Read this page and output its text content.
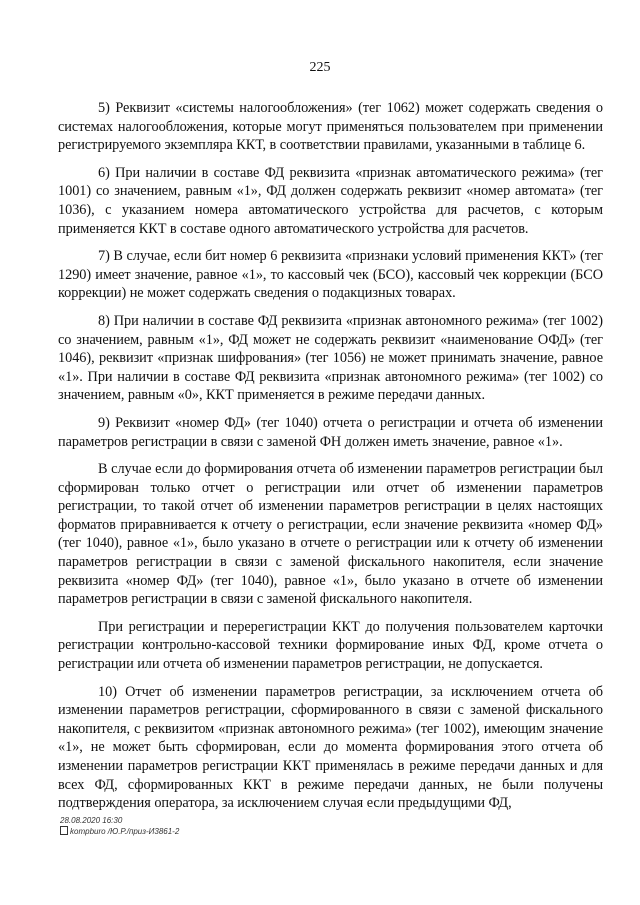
225

5) Реквизит «системы налогообложения» (тег 1062) может содержать сведения о системах налогообложения, которые могут применяться пользователем при применении регистрируемого экземпляра ККТ, в соответствии правилами, указанными в таблице 6.

6) При наличии в составе ФД реквизита «признак автоматического режима» (тег 1001) со значением, равным «1», ФД должен содержать реквизит «номер автомата» (тег 1036), с указанием номера автоматического устройства для расчетов, с которым применяется ККТ в составе одного автоматического устройства для расчетов.

7) В случае, если бит номер 6 реквизита «признаки условий применения ККТ» (тег 1290) имеет значение, равное «1», то кассовый чек (БСО), кассовый чек коррекции (БСО коррекции) не может содержать сведения о подакцизных товарах.

8) При наличии в составе ФД реквизита «признак автономного режима» (тег 1002) со значением, равным «1», ФД может не содержать реквизит «наименование ОФД» (тег 1046), реквизит «признак шифрования» (тег 1056) не может принимать значение, равное «1». При наличии в составе ФД реквизита «признак автономного режима» (тег 1002) со значением, равным «0», ККТ применяется в режиме передачи данных.

9) Реквизит «номер ФД» (тег 1040) отчета о регистрации и отчета об изменении параметров регистрации в связи с заменой ФН должен иметь значение, равное «1».

В случае если до формирования отчета об изменении параметров регистрации был сформирован только отчет о регистрации или отчет об изменении параметров регистрации, то такой отчет об изменении параметров регистрации в целях настоящих форматов приравнивается к отчету о регистрации, если значение реквизита «номер ФД» (тег 1040), равное «1», было указано в отчете о регистрации или к отчету об изменении параметров регистрации в связи с заменой фискального накопителя, если значение реквизита «номер ФД» (тег 1040), равное «1», было указано в отчете об изменении параметров регистрации в связи с заменой фискального накопителя.

При регистрации и перерегистрации ККТ до получения пользователем карточки регистрации контрольно-кассовой техники формирование иных ФД, кроме отчета о регистрации или отчета об изменении параметров регистрации, не допускается.

10) Отчет об изменении параметров регистрации, за исключением отчета об изменении параметров регистрации, сформированного в связи с заменой фискального накопителя, с реквизитом «признак автономного режима» (тег 1002), имеющим значение «1», не может быть сформирован, если до момента формирования этого отчета об изменении параметров регистрации ККТ применялась в режиме передачи данных и для всех ФД, сформированных ККТ в режиме передачи данных, не были получены подтверждения оператора, за исключением случая если предыдущими ФД,

28.08.2020 16:30
kompburo /Ю.Р./приз-И3861-2
